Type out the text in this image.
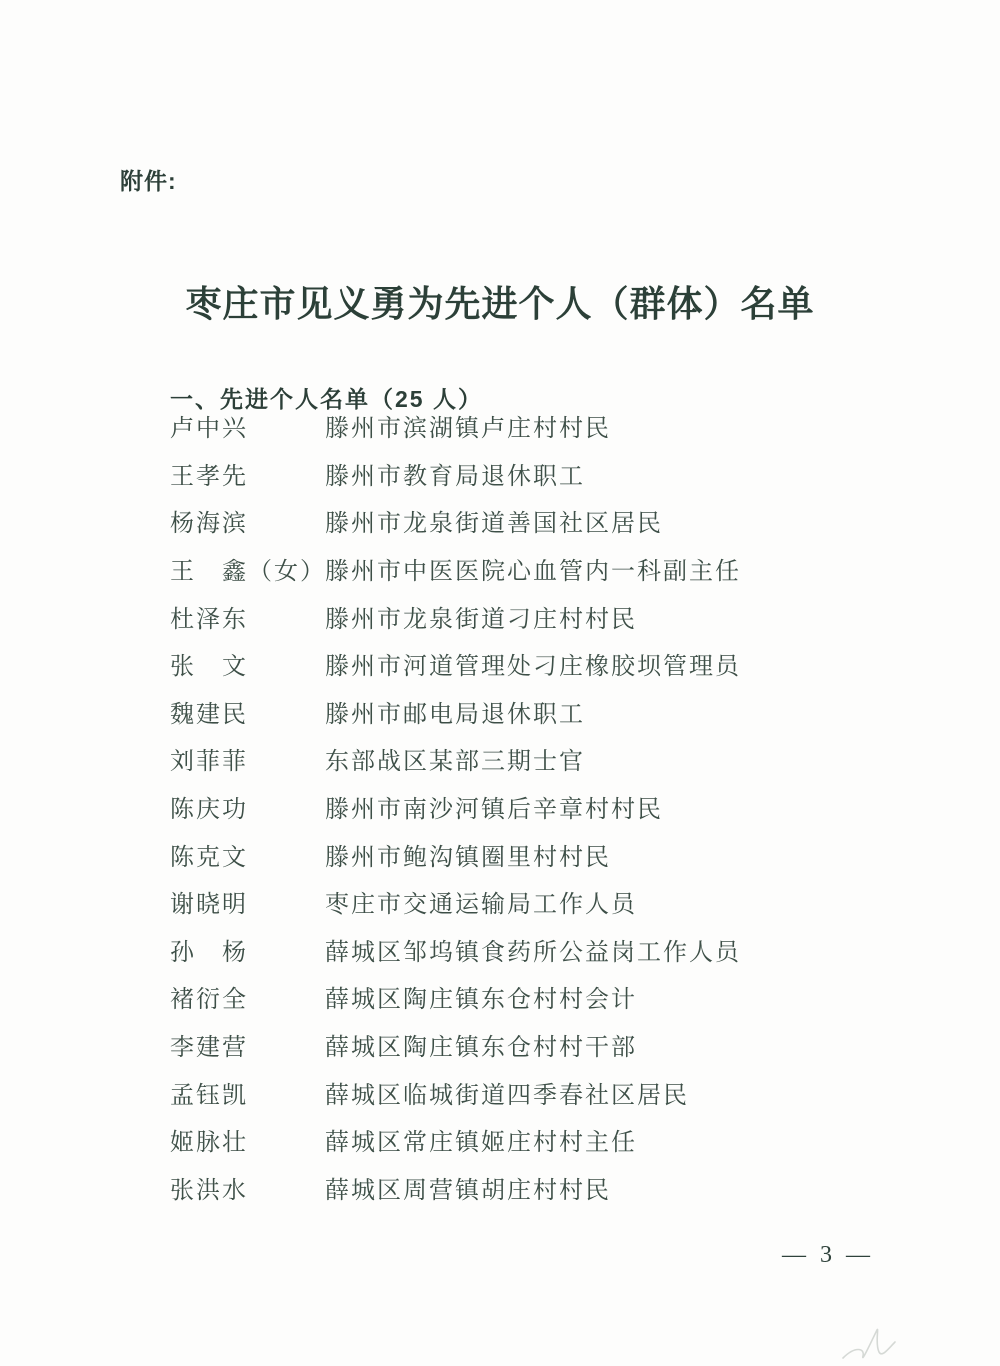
附件:
枣庄市见义勇为先进个人（群体）名单
一、先进个人名单（25 人）
卢中兴	滕州市滨湖镇卢庄村村民
王孝先	滕州市教育局退休职工
杨海滨	滕州市龙泉街道善国社区居民
王　鑫（女） 滕州市中医医院心血管内一科副主任
杜泽东	滕州市龙泉街道刁庄村村民
张　文	滕州市河道管理处刁庄橡胶坝管理员
魏建民	滕州市邮电局退休职工
刘菲菲	东部战区某部三期士官
陈庆功	滕州市南沙河镇后辛章村村民
陈克文	滕州市鲍沟镇圈里村村民
谢晓明	枣庄市交通运输局工作人员
孙　杨	薛城区邹坞镇食药所公益岗工作人员
褚衍全	薛城区陶庄镇东仓村村会计
李建营	薛城区陶庄镇东仓村村干部
孟钰凯	薛城区临城街道四季春社区居民
姬脉壮	薛城区常庄镇姬庄村村主任
张洪水	薛城区周营镇胡庄村村民
— 3 —
